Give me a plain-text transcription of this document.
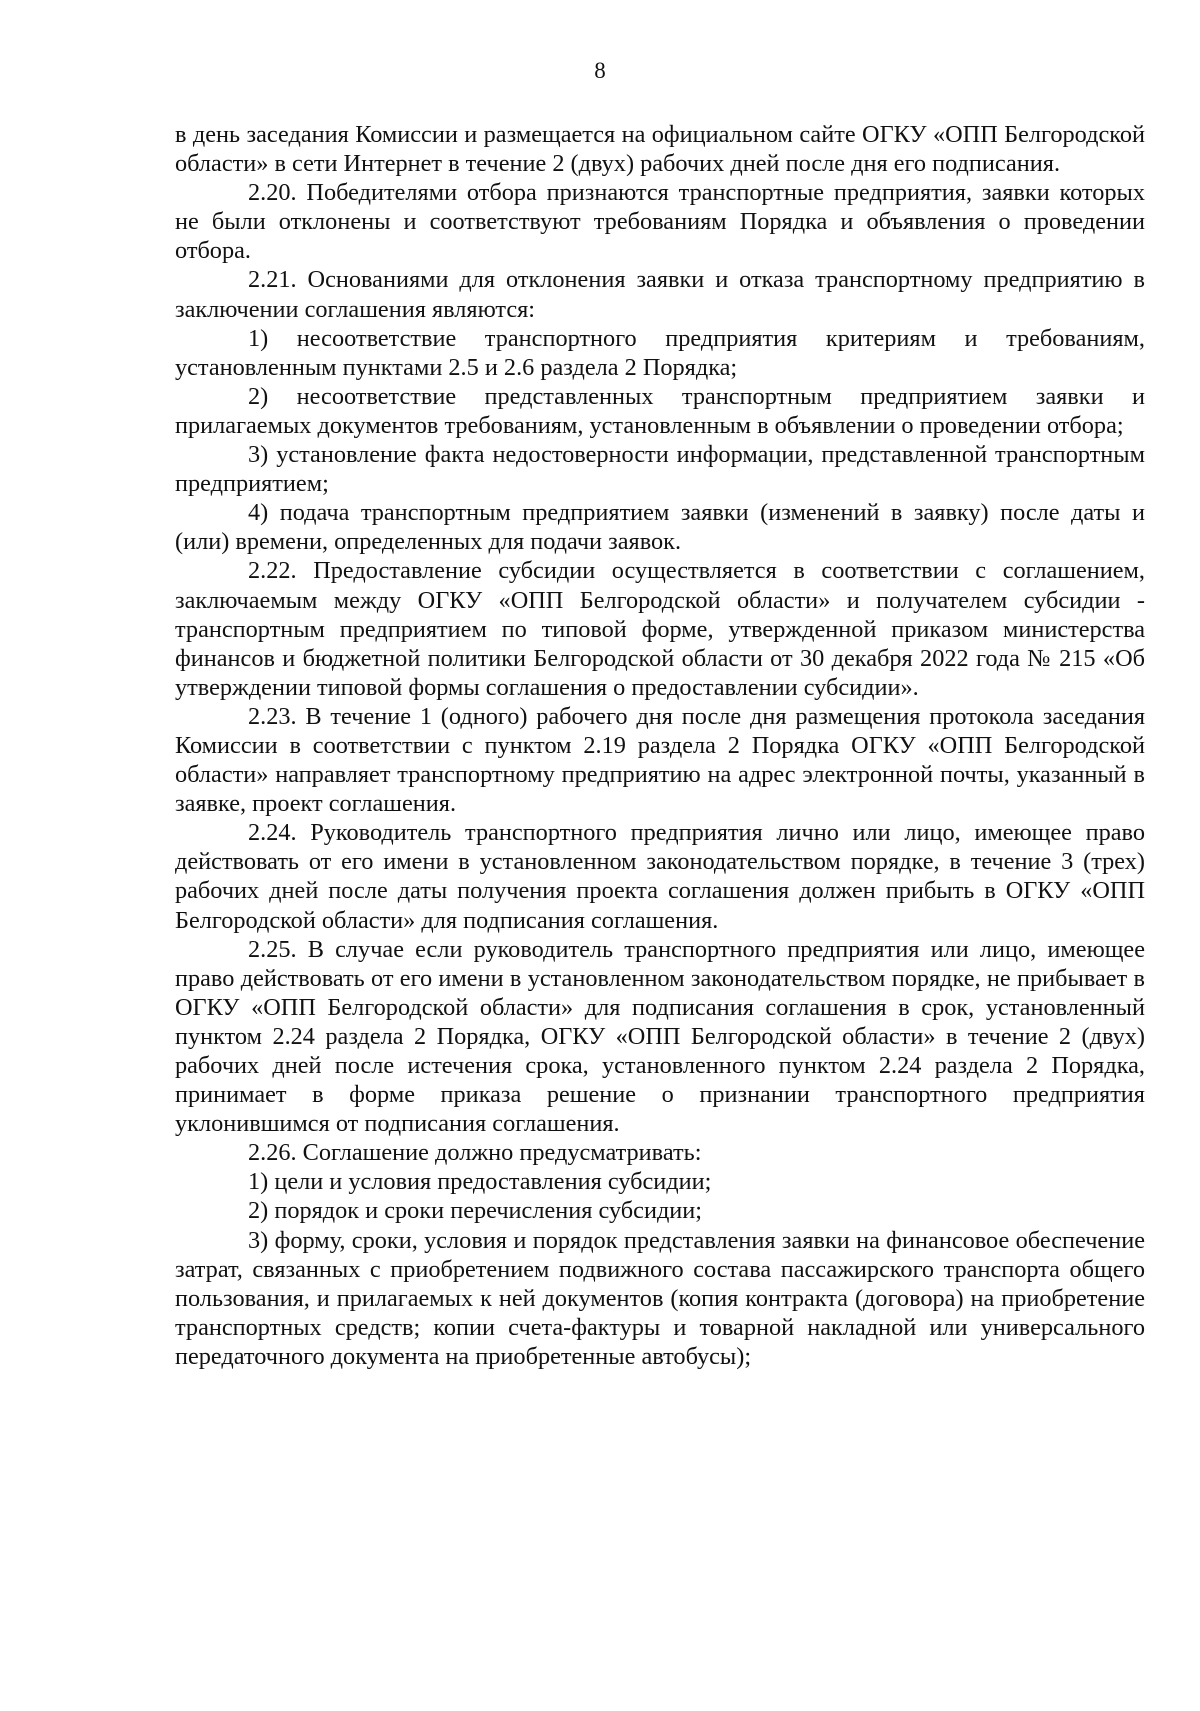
8

в день заседания Комиссии и размещается на официальном сайте ОГКУ «ОПП Белгородской области» в сети Интернет в течение 2 (двух) рабочих дней после дня его подписания.

2.20. Победителями отбора признаются транспортные предприятия, заявки которых не были отклонены и соответствуют требованиям Порядка и объявления о проведении отбора.

2.21. Основаниями для отклонения заявки и отказа транспортному предприятию в заключении соглашения являются:

1) несоответствие транспортного предприятия критериям и требованиям, установленным пунктами 2.5 и 2.6 раздела 2 Порядка;

2) несоответствие представленных транспортным предприятием заявки и прилагаемых документов требованиям, установленным в объявлении о проведении отбора;

3) установление факта недостоверности информации, представленной транспортным предприятием;

4) подача транспортным предприятием заявки (изменений в заявку) после даты и (или) времени, определенных для подачи заявок.

2.22. Предоставление субсидии осуществляется в соответствии с соглашением, заключаемым между ОГКУ «ОПП Белгородской области» и получателем субсидии - транспортным предприятием по типовой форме, утвержденной приказом министерства финансов и бюджетной политики Белгородской области от 30 декабря 2022 года № 215 «Об утверждении типовой формы соглашения о предоставлении субсидии».

2.23. В течение 1 (одного) рабочего дня после дня размещения протокола заседания Комиссии в соответствии с пунктом 2.19 раздела 2 Порядка ОГКУ «ОПП Белгородской области» направляет транспортному предприятию на адрес электронной почты, указанный в заявке, проект соглашения.

2.24. Руководитель транспортного предприятия лично или лицо, имеющее право действовать от его имени в установленном законодательством порядке, в течение 3 (трех) рабочих дней после даты получения проекта соглашения должен прибыть в ОГКУ «ОПП Белгородской области» для подписания соглашения.

2.25. В случае если руководитель транспортного предприятия или лицо, имеющее право действовать от его имени в установленном законодательством порядке, не прибывает в ОГКУ «ОПП Белгородской области» для подписания соглашения в срок, установленный пунктом 2.24 раздела 2 Порядка, ОГКУ «ОПП Белгородской области» в течение 2 (двух) рабочих дней после истечения срока, установленного пунктом 2.24 раздела 2 Порядка, принимает в форме приказа решение о признании транспортного предприятия уклонившимся от подписания соглашения.

2.26. Соглашение должно предусматривать:

1) цели и условия предоставления субсидии;

2) порядок и сроки перечисления субсидии;

3) форму, сроки, условия и порядок представления заявки на финансовое обеспечение затрат, связанных с приобретением подвижного состава пассажирского транспорта общего пользования, и прилагаемых к ней документов (копия контракта (договора) на приобретение транспортных средств; копии счета-фактуры и товарной накладной или универсального передаточного документа на приобретенные автобусы);
